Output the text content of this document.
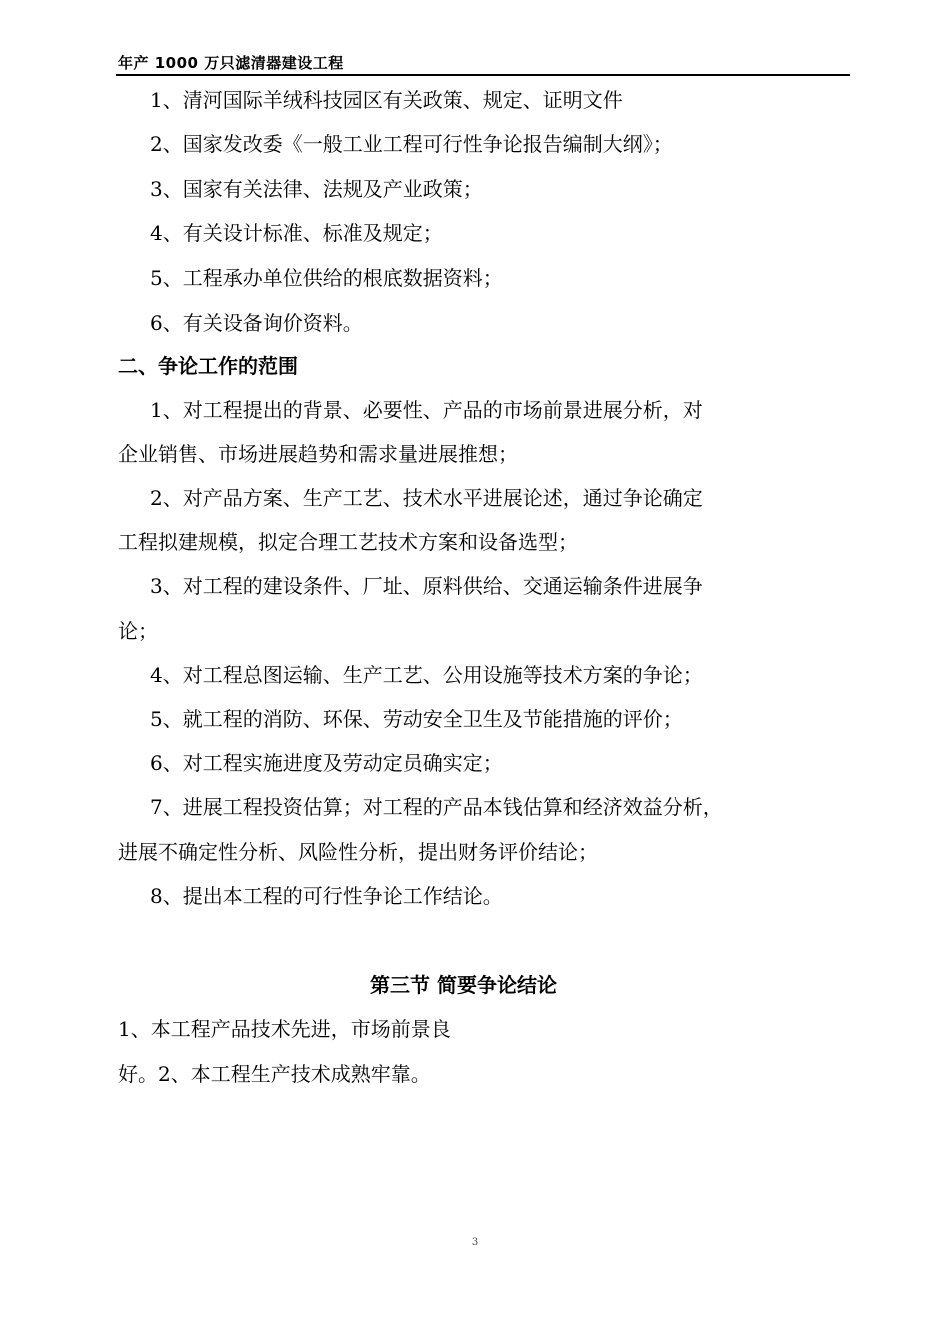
年产 1000 万只滤清器建设工程
1、清河国际羊绒科技园区有关政策、规定、证明文件
2、国家发改委《一般工业工程可行性争论报告编制大纲》；
3、国家有关法律、法规及产业政策；
4、有关设计标准、标准及规定；
5、工程承办单位供给的根底数据资料；
6、有关设备询价资料。
二、争论工作的范围
1、对工程提出的背景、必要性、产品的市场前景进展分析，对
企业销售、市场进展趋势和需求量进展推想；
2、对产品方案、生产工艺、技术水平进展论述，通过争论确定
工程拟建规模，拟定合理工艺技术方案和设备选型；
3、对工程的建设条件、厂址、原料供给、交通运输条件进展争
论；
4、对工程总图运输、生产工艺、公用设施等技术方案的争论；
5、就工程的消防、环保、劳动安全卫生及节能措施的评价；
6、对工程实施进度及劳动定员确实定；
7、进展工程投资估算；对工程的产品本钱估算和经济效益分析，
进展不确定性分析、风险性分析，提出财务评价结论；
8、提出本工程的可行性争论工作结论。
第三节 简要争论结论
1、本工程产品技术先进，市场前景良
好。2、本工程生产技术成熟牢靠。
3
